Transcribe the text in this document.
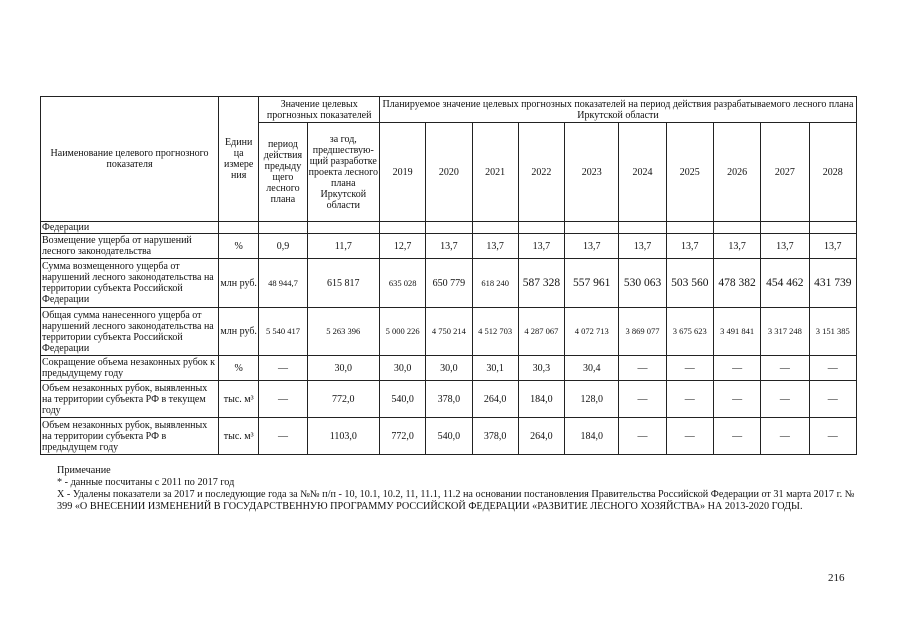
Наименование целевого прогнозного показателя	Едини ца измере ния	Значение целевых прогнозных показателей		Планируемое значение целевых прогнозных показателей на период действия разрабатываемого лесного плана Иркутской области									
		период действия предыду щего лесного плана	за год, предшествую-щий разработке проекта лесного плана Иркутской области	2019	2020	2021	2022	2023	2024	2025	2026	2027	2028
Федерации													
Возмещение ущерба от нарушений лесного законодательства	%	0,9	11,7	12,7	13,7	13,7	13,7	13,7	13,7	13,7	13,7	13,7	13,7
Сумма возмещенного ущерба от нарушений лесного законодательства на территории субъекта Российской Федерации	млн руб.	48 944,7	615 817	635 028	650 779	618 240	587 328	557 961	530 063	503 560	478 382	454 462	431 739
Общая сумма нанесенного ущерба от нарушений лесного законодательства на территории субъекта Российской Федерации	млн руб.	5 540 417	5 263 396	5 000 226	4 750 214	4 512 703	4 287 067	4 072 713	3 869 077	3 675 623	3 491 841	3 317 248	3 151 385
Сокращение объема незаконных рубок к предыдущему году	%	—	30,0	30,0	30,0	30,1	30,3	30,4	—	—	—	—	—
Объем незаконных рубок, выявленных на территории субъекта РФ в текущем году	тыс. м³	—	772,0	540,0	378,0	264,0	184,0	128,0	—	—	—	—	—
Объем незаконных рубок, выявленных на территории субъекта РФ в предыдущем году	тыс. м³	—	1103,0	772,0	540,0	378,0	264,0	184,0	—	—	—	—	—
Примечание
* - данные посчитаны с 2011 по 2017 год
X - Удалены показатели за 2017 и последующие года за №№ п/п - 10, 10.1, 10.2, 11, 11.1, 11.2 на основании постановления Правительства Российской Федерации от 31 марта 2017 г. № 399 «О ВНЕСЕНИИ ИЗМЕНЕНИЙ В ГОСУДАРСТВЕННУЮ ПРОГРАММУ РОССИЙСКОЙ ФЕДЕРАЦИИ «РАЗВИТИЕ ЛЕСНОГО ХОЗЯЙСТВА» НА 2013-2020 ГОДЫ.
216
